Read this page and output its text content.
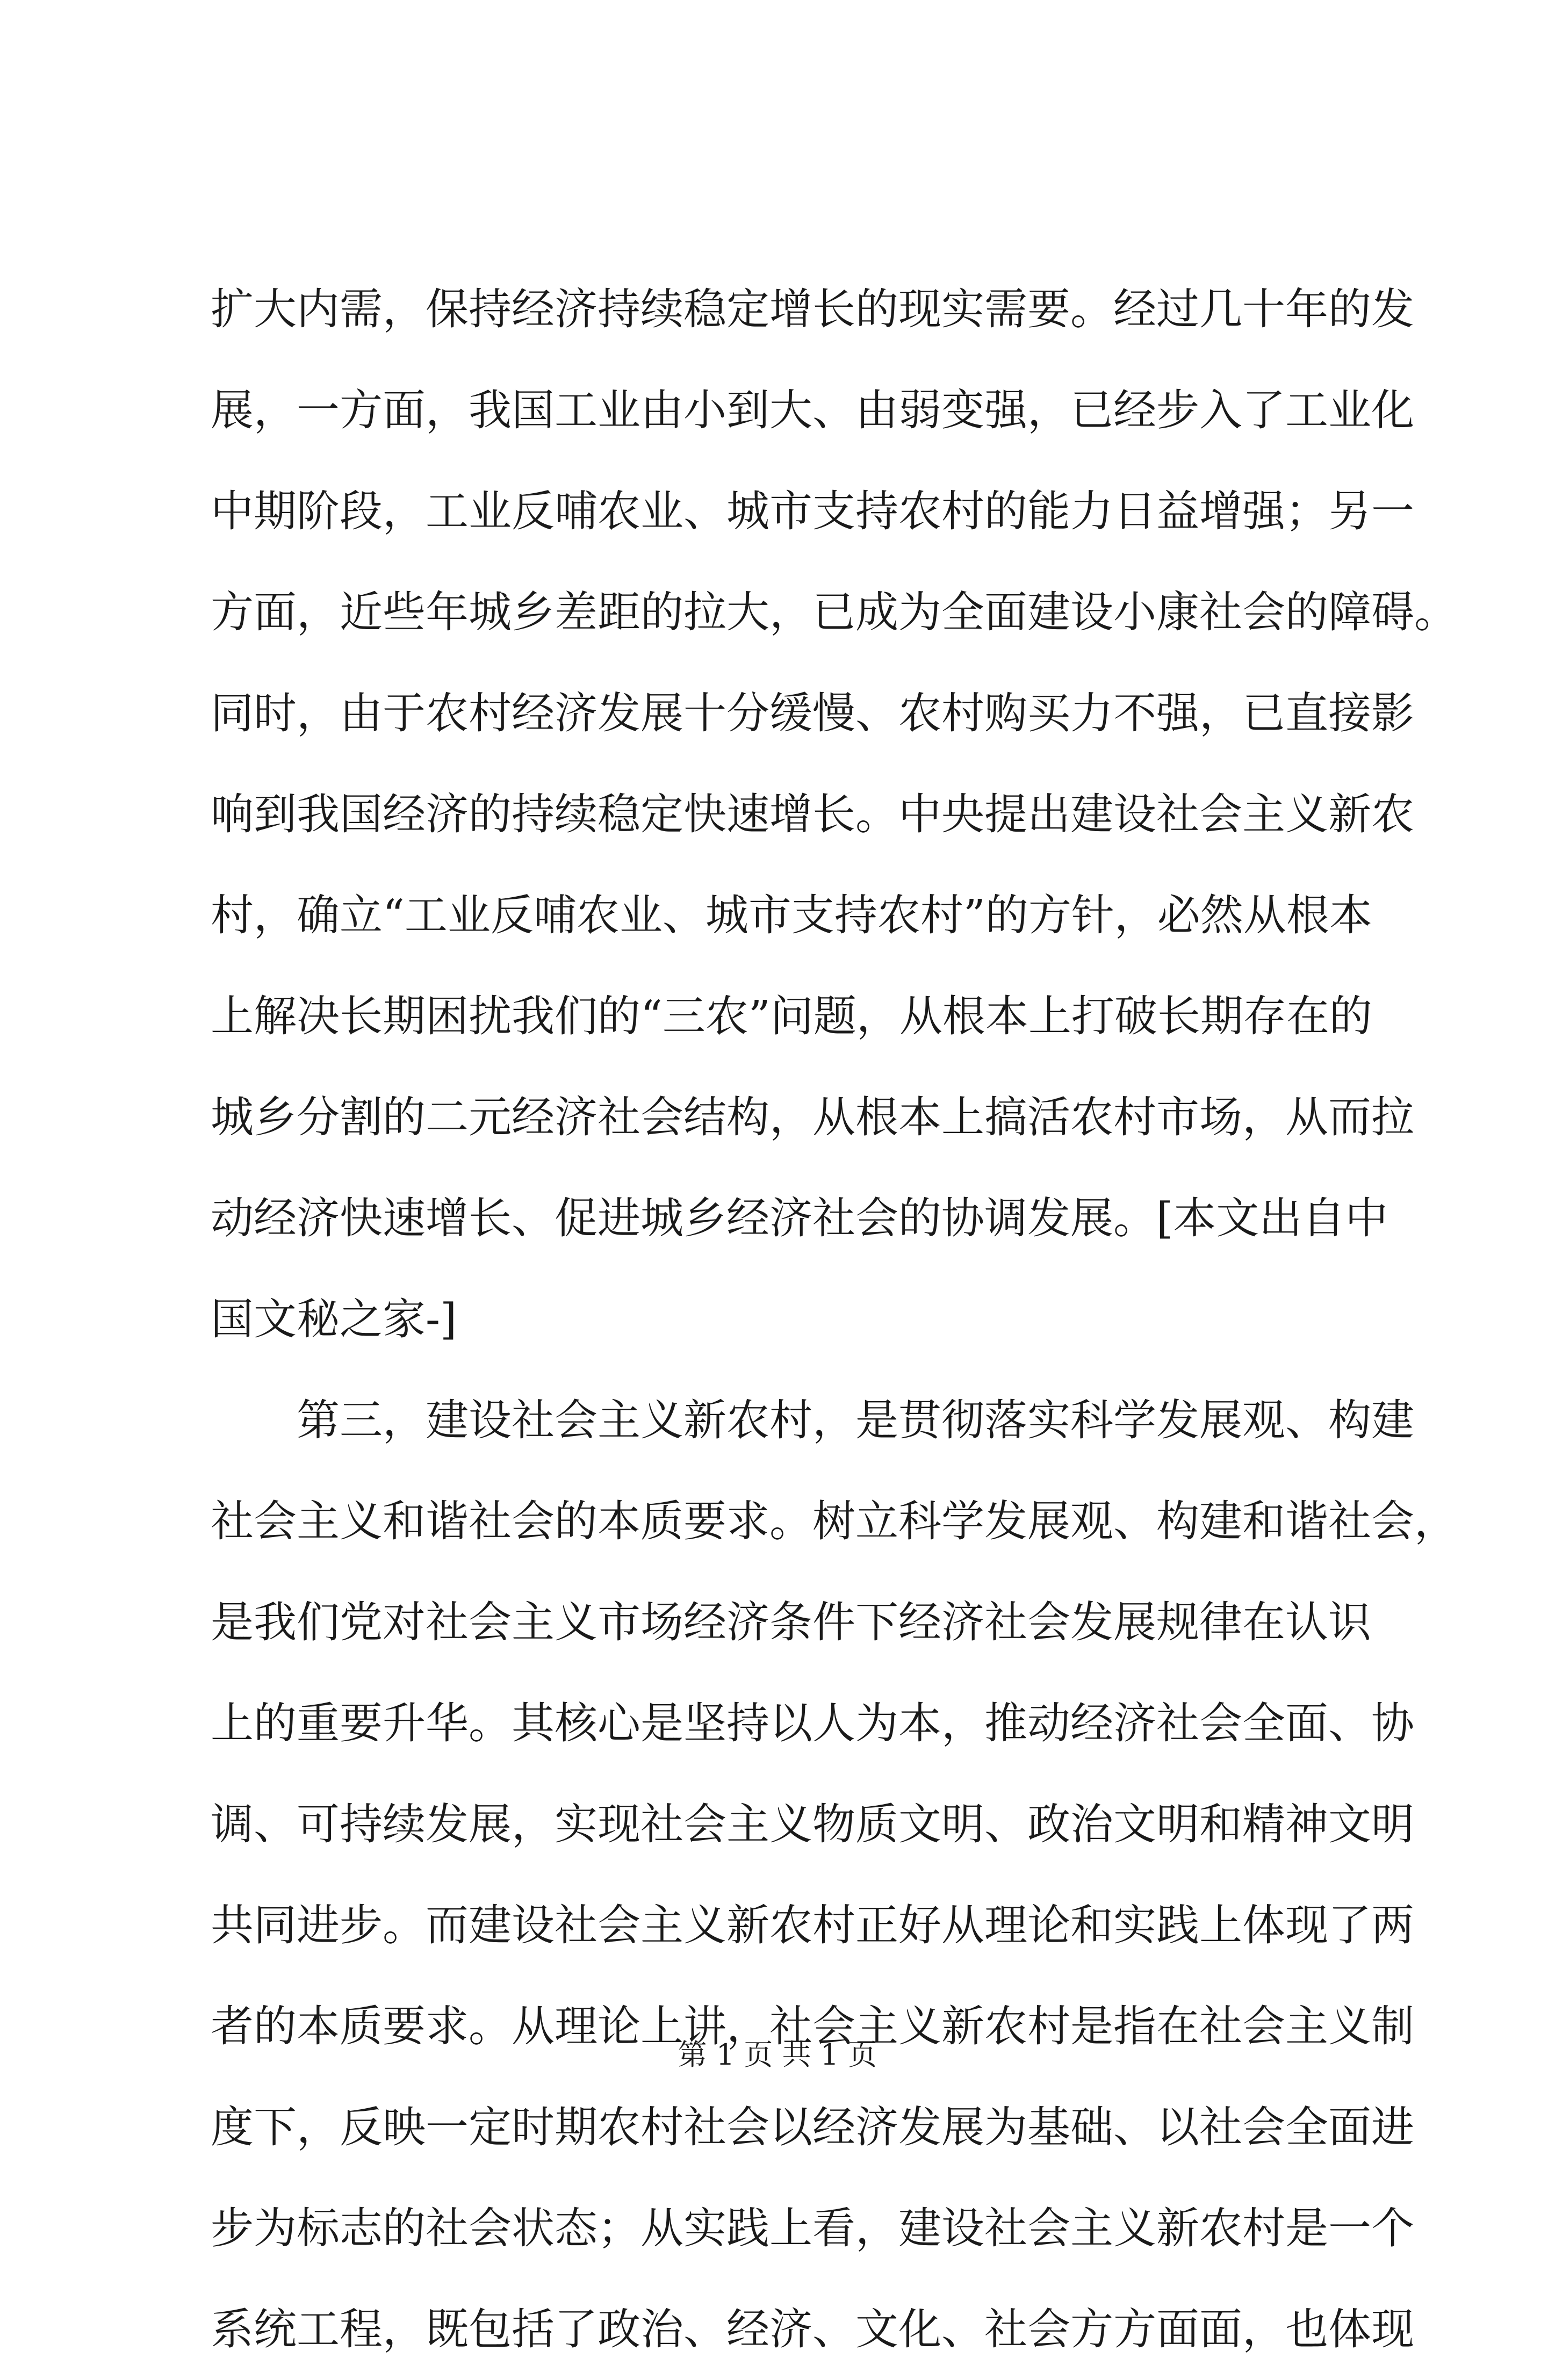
扩 大 内 需 ， 保 持 经 济 持 续 稳 定 增 长 的 现 实 需 要 。 经 过 几 十 年 的 发
展 ， 一 方 面 ， 我 国 工 业 由 小 到 大 、 由 弱 变 强 ， 已 经 步 入 了 工 业 化
中 期 阶 段 ， 工 业 反 哺 农 业 、 城 市 支 持 农 村 的 能 力 日 益 增 强 ； 另 一
方 面 ， 近 些 年 城 乡 差 距 的 拉 大 ， 已 成 为 全 面 建 设 小 康 社 会 的 障 碍 。
同 时 ， 由 于 农 村 经 济 发 展 十 分 缓 慢 、 农 村 购 买 力 不 强 ， 已 直 接 影
响 到 我 国 经 济 的 持 续 稳 定 快 速 增 长 。 中 央 提 出 建 设 社 会 主 义 新 农
村 ， 确 立 “ 工 业 反 哺 农 业 、 城 市 支 持 农 村 ” 的 方 针 ， 必 然 从 根 本
上 解 决 长 期 困 扰 我 们 的 “ 三 农 ” 问 题 ， 从 根 本 上 打 破 长 期 存 在 的
城 乡 分 割 的 二 元 经 济 社 会 结 构 ， 从 根 本 上 搞 活 农 村 市 场 ， 从 而 拉
动 经 济 快 速 增 长 、 促 进 城 乡 经 济 社 会 的 协 调 发 展 。 [ 本 文 出 自 中
国文秘之家-]
第 三 ， 建 设 社 会 主 义 新 农 村 ， 是 贯 彻 落 实 科 学 发 展 观 、 构 建
社 会 主 义 和 谐 社 会 的 本 质 要 求 。 树 立 科 学 发 展 观 、 构 建 和 谐 社 会 ，
是 我 们 党 对 社 会 主 义 市 场 经 济 条 件 下 经 济 社 会 发 展 规 律 在 认 识
上 的 重 要 升 华 。 其 核 心 是 坚 持 以 人 为 本 ， 推 动 经 济 社 会 全 面 、 协
调 、 可 持 续 发 展 ， 实 现 社 会 主 义 物 质 文 明 、 政 治 文 明 和 精 神 文 明
共 同 进 步 。 而 建 设 社 会 主 义 新 农 村 正 好 从 理 论 和 实 践 上 体 现 了 两
者 的 本 质 要 求 。 从 理 论 上 讲 ， 社 会 主 义 新 农 村 是 指 在 社 会 主 义 制
度 下 ， 反 映 一 定 时 期 农 村 社 会 以 经 济 发 展 为 基 础 、 以 社 会 全 面 进
步 为 标 志 的 社 会 状 态 ； 从 实 践 上 看 ， 建 设 社 会 主 义 新 农 村 是 一 个
系 统 工 程 ， 既 包 括 了 政 治 、 经 济 、 文 化 、 社 会 方 方 面 面 ， 也 体 现
第 1 页 共 1 页
